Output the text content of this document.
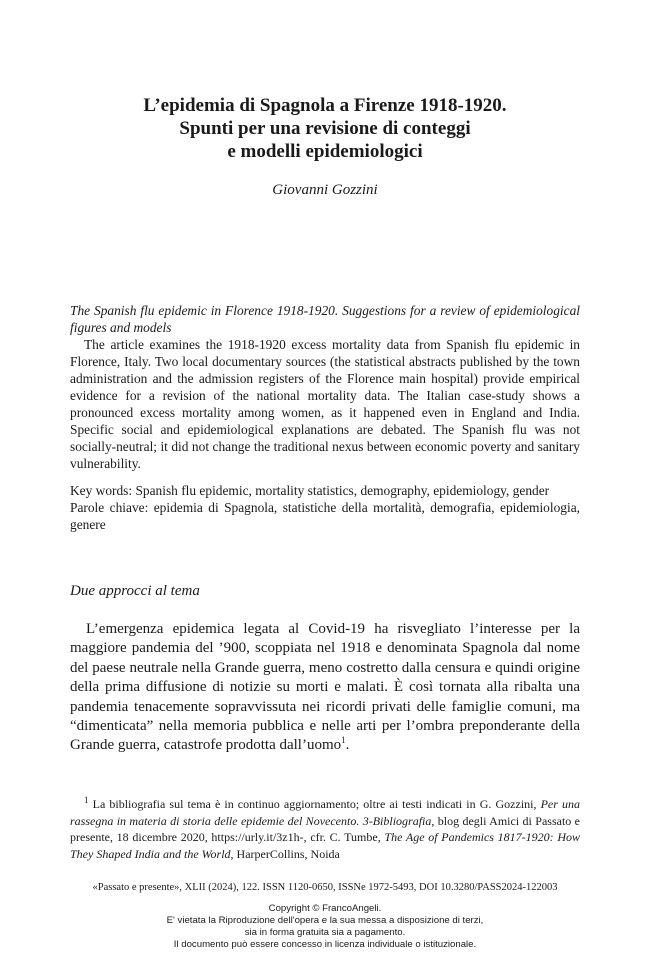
L’epidemia di Spagnola a Firenze 1918-1920.
Spunti per una revisione di conteggi
e modelli epidemiologici
Giovanni Gozzini
The Spanish flu epidemic in Florence 1918-1920. Suggestions for a review of epidemiological figures and models
The article examines the 1918-1920 excess mortality data from Spanish flu epidemic in Florence, Italy. Two local documentary sources (the statistical abstracts published by the town administration and the admission registers of the Florence main hospital) provide empirical evidence for a revision of the national mortality data. The Italian case-study shows a pronounced excess mortality among women, as it happened even in England and India. Specific social and epidemiological explanations are debated. The Spanish flu was not socially-neutral; it did not change the traditional nexus between economic poverty and sanitary vulnerability.
Key words: Spanish flu epidemic, mortality statistics, demography, epidemiology, gender
Parole chiave: epidemia di Spagnola, statistiche della mortalità, demografia, epidemiologia, genere
Due approcci al tema
L’emergenza epidemica legata al Covid-19 ha risvegliato l’interesse per la maggiore pandemia del ’900, scoppiata nel 1918 e denominata Spagnola dal nome del paese neutrale nella Grande guerra, meno costretto dalla censura e quindi origine della prima diffusione di notizie su morti e malati. È così tornata alla ribalta una pandemia tenacemente sopravvissuta nei ricordi privati delle famiglie comuni, ma “dimenticata” nella memoria pubblica e nelle arti per l’ombra preponderante della Grande guerra, catastrofe prodotta dall’uomo$^1$.
$^1$ La bibliografia sul tema è in continuo aggiornamento; oltre ai testi indicati in G. Gozzini, Per una rassegna in materia di storia delle epidemie del Novecento. 3-Bibliografia, blog degli Amici di Passato e presente, 18 dicembre 2020, https://urly.it/3z1h-, cfr. C. Tumbe, The Age of Pandemics 1817-1920: How They Shaped India and the World, HarperCollins, Noida
«Passato e presente», XLII (2024), 122. ISSN 1120-0650, ISSNe 1972-5493, DOI 10.3280/PASS2024-122003
Copyright © FrancoAngeli.
E' vietata la Riproduzione dell'opera e la sua messa a disposizione di terzi,
sia in forma gratuita sia a pagamento.
Il documento può essere concesso in licenza individuale o istituzionale.
